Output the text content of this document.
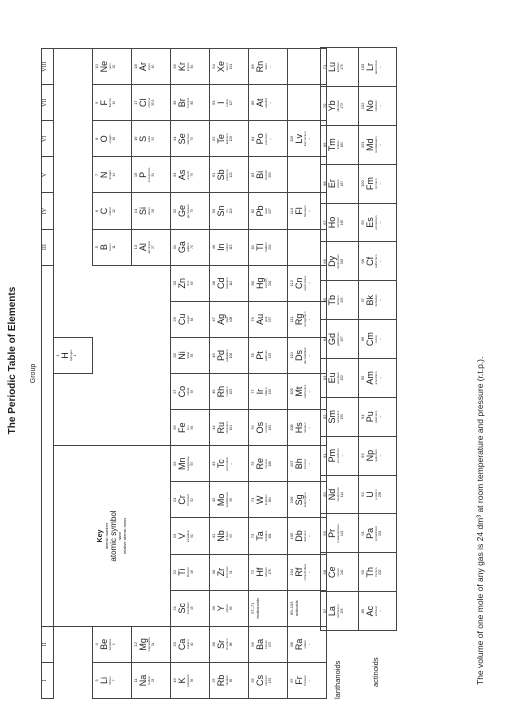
Group																		
I	II											III	IV	V	VI	VII	VIII	

		Key atomic number atomic symbol name relative atomic mass							1 H hydrogen 1

3 Li lithium 7	4 Be beryllium 9											5 B boron 11	6 C carbon 12	7 N nitrogen 14	8 O oxygen 16	9 F fluorine 19	10 Ne neon 20	

11 Na sodium 23	12 Mg magnesium 24											13 Al aluminium 27	14 Si silicon 28	15 P phosphorus 31	16 S sulfur 32	17 Cl chlorine 35.5	18 Ar argon 40	

19 K potassium 39	20 Ca calcium 40	21 Sc scandium 45	22 Ti titanium 48	23 V vanadium 51	24 Cr chromium 52	25 Mn manganese 55	26 Fe iron 56	27 Co cobalt 59	28 Ni nickel 59	29 Cu copper 64	30 Zn zinc 65	31 Ga gallium 70	32 Ge germanium 73	33 As arsenic 75	34 Se selenium 79	35 Br bromine 80	36 Kr krypton 84	

37 Rb rubidium 85	38 Sr strontium 88	39 Y yttrium 89	40 Zr zirconium 91	41 Nb niobium 93	42 Mo molybdenum 96	43 Tc technetium –	44 Ru ruthenium 101	45 Rh rhodium 103	46 Pd palladium 106	47 Ag silver 108	48 Cd cadmium 112	49 In indium 115	50 Sn tin 119	51 Sb antimony 122	52 Te tellurium 128	53 I iodine 127	54 Xe xenon 131	

55 Cs caesium 133	56 Ba barium 137	57–71 lanthanoids	72 Hf hafnium 178	73 Ta tantalum 181	74 W tungsten 184	75 Re rhenium 186	76 Os osmium 190	77 Ir iridium 192	78 Pt platinum 195	79 Au gold 197	80 Hg mercury 201	81 Tl thallium 204	82 Pb lead 207	83 Bi bismuth 209	84 Po polonium –	85 At astatine –	86 Rn radon –	

87 Fr francium –	88 Ra radium –	89–103 actinoids	104 Rf rutherfordium –	105 Db dubnium –	106 Sg seaborgium –	107 Bh bohrium –	108 Hs hassium –	109 Mt meitnerium –	110 Ds darmstadtium –	111 Rg roentgenium –	112 Cn copernicium –		114 Fl flerovium –		116 Lv livermorium –			

lanthanoids	actinoids
57 La lanthanum 139	58 Ce cerium 140	59 Pr praseodymium 141	60 Nd neodymium 144	61 Pm promethium –	62 Sm samarium 150	63 Eu europium 152	64 Gd gadolinium 157	65 Tb terbium 159	66 Dy dysprosium 163	67 Ho holmium 165	68 Er erbium 167	69 Tm thulium 169	70 Yb ytterbium 173	71 Lu lutetium 175

89 Ac actinium –	90 Th thorium 232	91 Pa protactinium 231	92 U uranium 238	93 Np neptunium –	94 Pu plutonium –	95 Am americium –	96 Cm curium –	97 Bk berkelium –	98 Cf californium –	99 Es einsteinium –	100 Fm fermium –	101 Md mendelevium –	102 No nobelium –	103 Lr lawrencium –
The Periodic Table of Elements	The volume of one mole of any gas is 24 dm³ at room temperature and pressure (r.t.p.).
